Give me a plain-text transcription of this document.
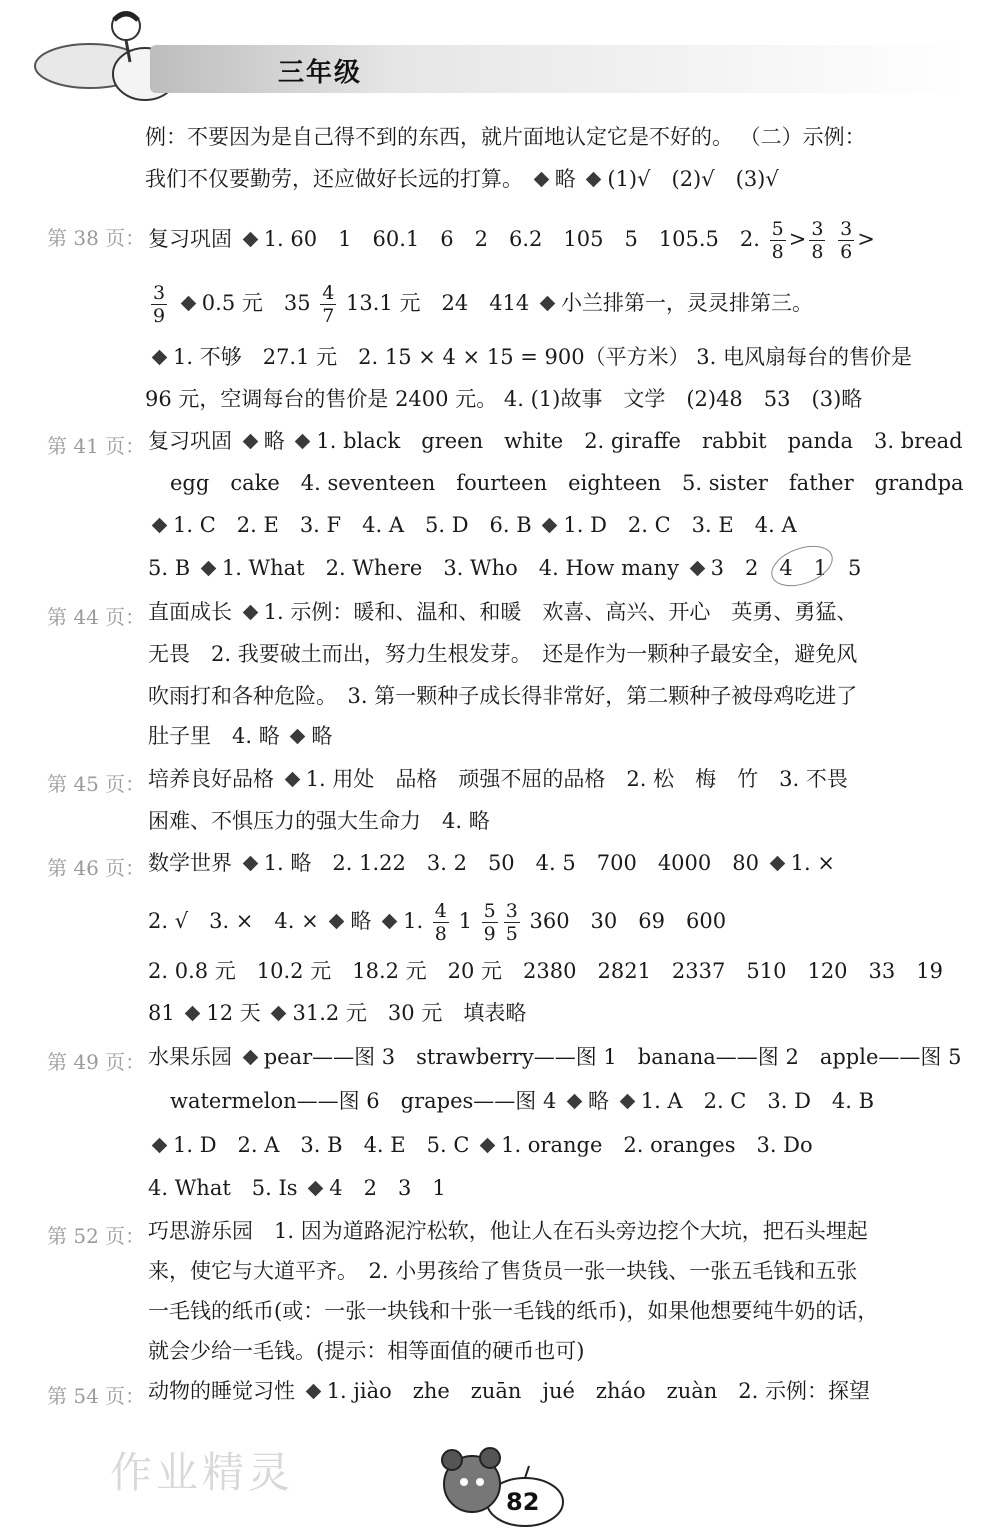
三年级
例：不要因为是自己得不到的东西，就片面地认定它是不好的。 （二）示例：
我们不仅要勤劳，还应做好长远的打算。 略 (1)√　(2)√　(3)√
第 38 页： 复习巩固 1. 60　1　60.1　6　2　6.2　105　5　105.5　2. $\frac{5}{8} > \frac{3}{8}$
$\frac{3}{6}$ >
$\frac{3}{9} 0.5$ 元　$35 \frac{4}{7} 13.1$ 元　24　414 小兰排第一，灵灵排第三。
1. 不够　27.1 元　2. 15 × 4 × 15 = 900（平方米） 3. 电风扇每台的售价是
96 元，空调每台的售价是 2400 元。 4. (1)故事　文学　(2)48　53　(3)略
第 41 页： 复习巩固 略 1. black　green　white　2. giraffe　rabbit　panda　3. bread
egg　cake　4. seventeen　fourteen　eighteen　5. sister　father　grandpa
1. C　2. E　3. F　4. A　5. D　6. B 1. D　2. C　3. E　4. A
5. B 1. What　2. Where　3. Who　4. How many 3　2　4　1　5
第 44 页： 直面成长 1. 示例：暖和、温和、和暖　欢喜、高兴、开心　英勇、勇猛、
无畏　2. 我要破土而出，努力生根发芽。　还是作为一颗种子最安全，避免风
吹雨打和各种危险。　3. 第一颗种子成长得非常好，第二颗种子被母鸡吃进了
肚子里　4. 略 略
第 45 页： 培养良好品格 1. 用处　品格　顽强不屈的品格　2. 松　梅　竹　3. 不畏
困难、不惧压力的强大生命力　4. 略
第 46 页： 数学世界 1. 略　2. 1.22　3. 2　50　4. 5　700　4000　80 1. ×
2. √　3. ×　4. × 略 1. $\frac{4}{8} 1 \frac{5}{9} \frac{3}{5} 360$　30　69　600
2. 0.8 元　10.2 元　18.2 元　20 元　2380　2821　2337　510　120　33　19
81 12 天 31.2 元　30 元　填表略
第 49 页： 水果乐园 pear——图 3　strawberry——图 1　banana——图 2　apple——图 5
watermelon——图 6　grapes——图 4 略 1. A　2. C　3. D　4. B
1. D　2. A　3. B　4. E　5. C 1. orange　2. oranges　3. Do
4. What　5. Is 4　2　3　1
第 52 页： 巧思游乐园　1. 因为道路泥泞松软，他让人在石头旁边挖个大坑，把石头埋起
来，使它与大道平齐。　2. 小男孩给了售货员一张一块钱、一张五毛钱和五张
一毛钱的纸币(或：一张一块钱和十张一毛钱的纸币)，如果他想要纯牛奶的话，
就会少给一毛钱。(提示：相等面值的硬币也可)
第 54 页： 动物的睡觉习性 1. jiào　zhe　zuān　jué　zháo　zuàn　2. 示例：探望
82
作业精灵
